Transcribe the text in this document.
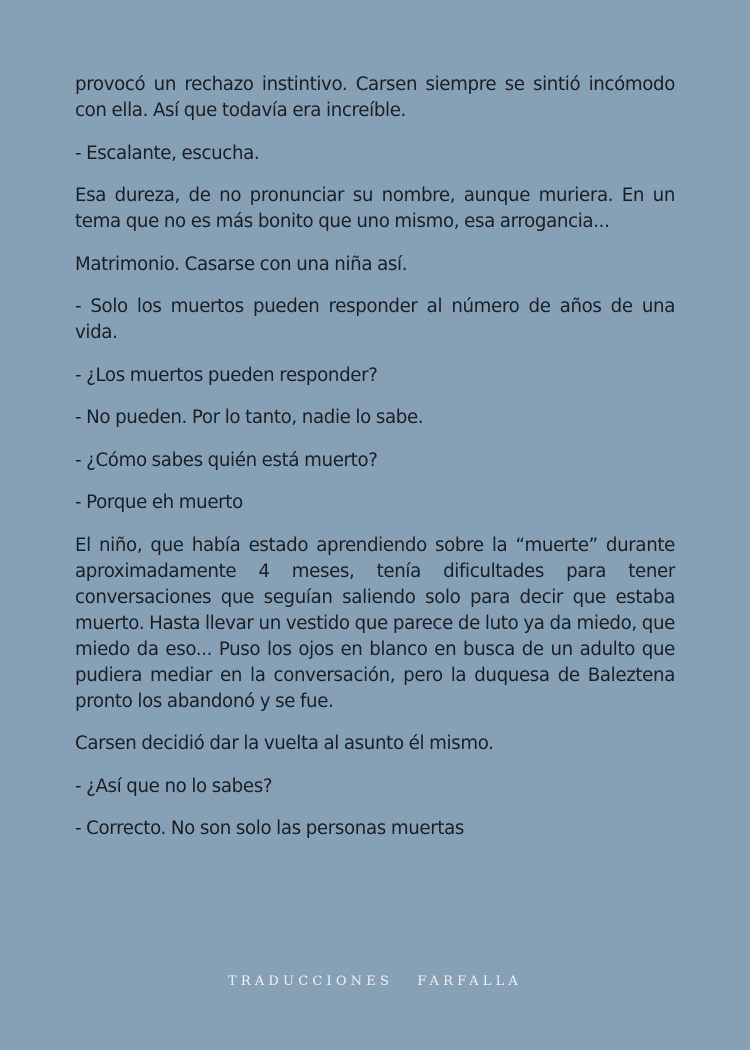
provocó un rechazo instintivo. Carsen siempre se sintió incómodo con ella. Así que todavía era increíble.

- Escalante, escucha.

Esa dureza, de no pronunciar su nombre, aunque muriera. En un tema que no es más bonito que uno mismo, esa arrogancia...

Matrimonio. Casarse con una niña así.

- Solo los muertos pueden responder al número de años de una vida.

- ¿Los muertos pueden responder?

- No pueden. Por lo tanto, nadie lo sabe.

- ¿Cómo sabes quién está muerto?

- Porque eh muerto

El niño, que había estado aprendiendo sobre la “muerte” durante aproximadamente 4 meses, tenía dificultades para tener conversaciones que seguían saliendo solo para decir que estaba muerto. Hasta llevar un vestido que parece de luto ya da miedo, que miedo da eso... Puso los ojos en blanco en busca de un adulto que pudiera mediar en la conversación, pero la duquesa de Baleztena pronto los abandonó y se fue.

Carsen decidió dar la vuelta al asunto él mismo.

- ¿Así que no lo sabes?

- Correcto. No son solo las personas muertas

TRADUCCIONES FARFALLA
